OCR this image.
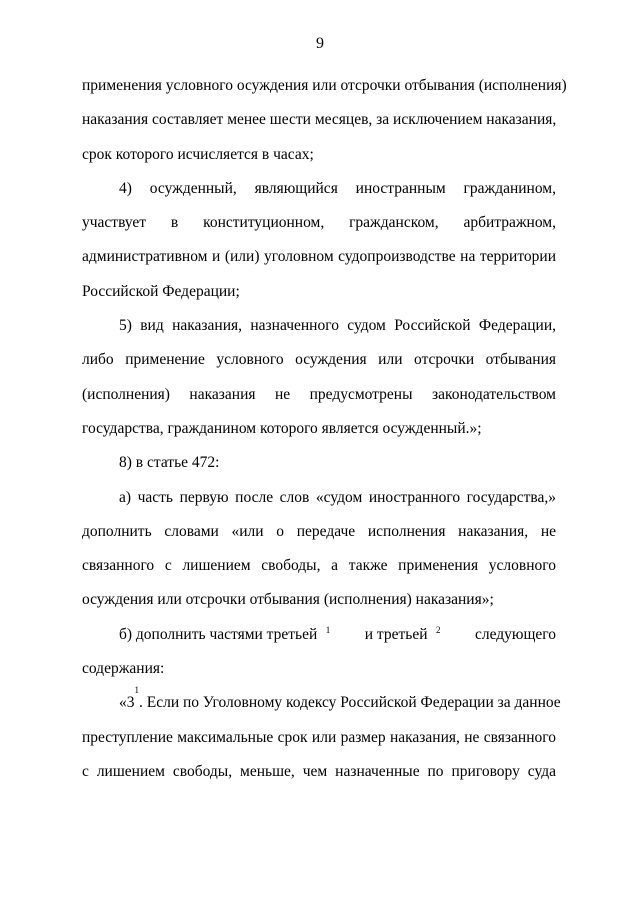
9
применения условного осуждения или отсрочки отбывания (исполнения)
наказания составляет менее шести месяцев, за исключением наказания,
срок которого исчисляется в часах;
4) осужденный, являющийся иностранным гражданином,
участвует в конституционном, гражданском, арбитражном,
административном и (или) уголовном судопроизводстве на территории
Российской Федерации;
5) вид наказания, назначенного судом Российской Федерации,
либо применение условного осуждения или отсрочки отбывания
(исполнения) наказания не предусмотрены законодательством
государства, гражданином которого является осужденный.»;
8) в статье 472:
а) часть первую после слов «судом иностранного государства,»
дополнить словами «или о передаче исполнения наказания, не
связанного с лишением свободы, а также применения условного
осуждения или отсрочки отбывания (исполнения) наказания»;
б) дополнить частями третьей $^1$ и третьей $^2$ следующего
содержания:
«3
1
. Если по Уголовному кодексу Российской Федерации за данное
преступление максимальные срок или размер наказания, не связанного
с лишением свободы, меньше, чем назначенные по приговору суда
